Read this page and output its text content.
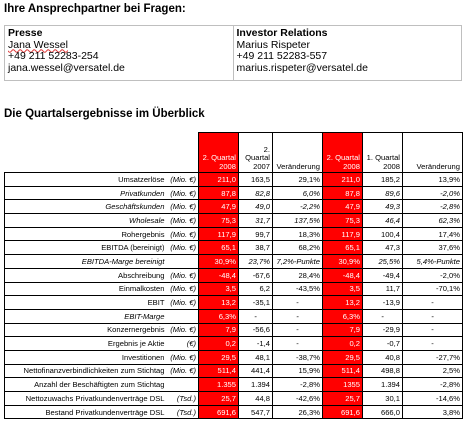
Ihre Ansprechpartner bei Fragen:
Presse
Jana Wessel
+49 211 52283-254
jana.wessel@versatel.de

Investor Relations
Marius Rispeter
+49 211 52283-557
marius.rispeter@versatel.de
Die Quartalsergebnisse im Überblick
		2. Quartal 2008	2. Quartal 2007	Veränderung	2. Quartal 2008	1. Quartal 2008	Veränderung
Umsatzerlöse	(Mio. €)	211,0	163,5	29,1%	211,0	185,2	13,9%
Privatkunden	(Mio. €)	87,8	82,8	6,0%	87,8	89,6	-2,0%
Geschäftskunden	(Mio. €)	47,9	49,0	-2,2%	47,9	49,3	-2,8%
Wholesale	(Mio. €)	75,3	31,7	137,5%	75,3	46,4	62,3%
Rohergebnis	(Mio. €)	117,9	99,7	18,3%	117,9	100,4	17,4%
EBITDA (bereinigt)	(Mio. €)	65,1	38,7	68,2%	65,1	47,3	37,6%
EBITDA-Marge bereinigt		30,9%	23,7%	7,2%-Punkte	30,9%	25,5%	5,4%-Punkte
Abschreibung	(Mio. €)	-48,4	-67,6	28,4%	-48,4	-49,4	-2,0%
Einmalkosten	(Mio. €)	3,5	6,2	-43,5%	3,5	11,7	-70,1%
EBIT	(Mio. €)	13,2	-35,1	-	13,2	-13,9	-
EBIT-Marge		6,3%	-	-	6,3%	-	-
Konzernergebnis	(Mio. €)	7,9	-56,6	-	7,9	-29,9	-
Ergebnis je Aktie	(€)	0,2	-1,4	-	0,2	-0,7	-
Investitionen	(Mio. €)	29,5	48,1	-38,7%	29,5	40,8	-27,7%
Nettofinanzverbindlichkeiten zum Stichtag	(Mio. €)	511,4	441,4	15,9%	511,4	498,8	2,5%
Anzahl der Beschäftigten zum Stichtag		1.355	1.394	-2,8%	1355	1.394	-2,8%
Nettozuwachs Privatkundenverträge DSL	(Tsd.)	25,7	44,8	-42,6%	25,7	30,1	-14,6%
Bestand Privatkundenverträge DSL	(Tsd.)	691,6	547,7	26,3%	691,6	666,0	3,8%
